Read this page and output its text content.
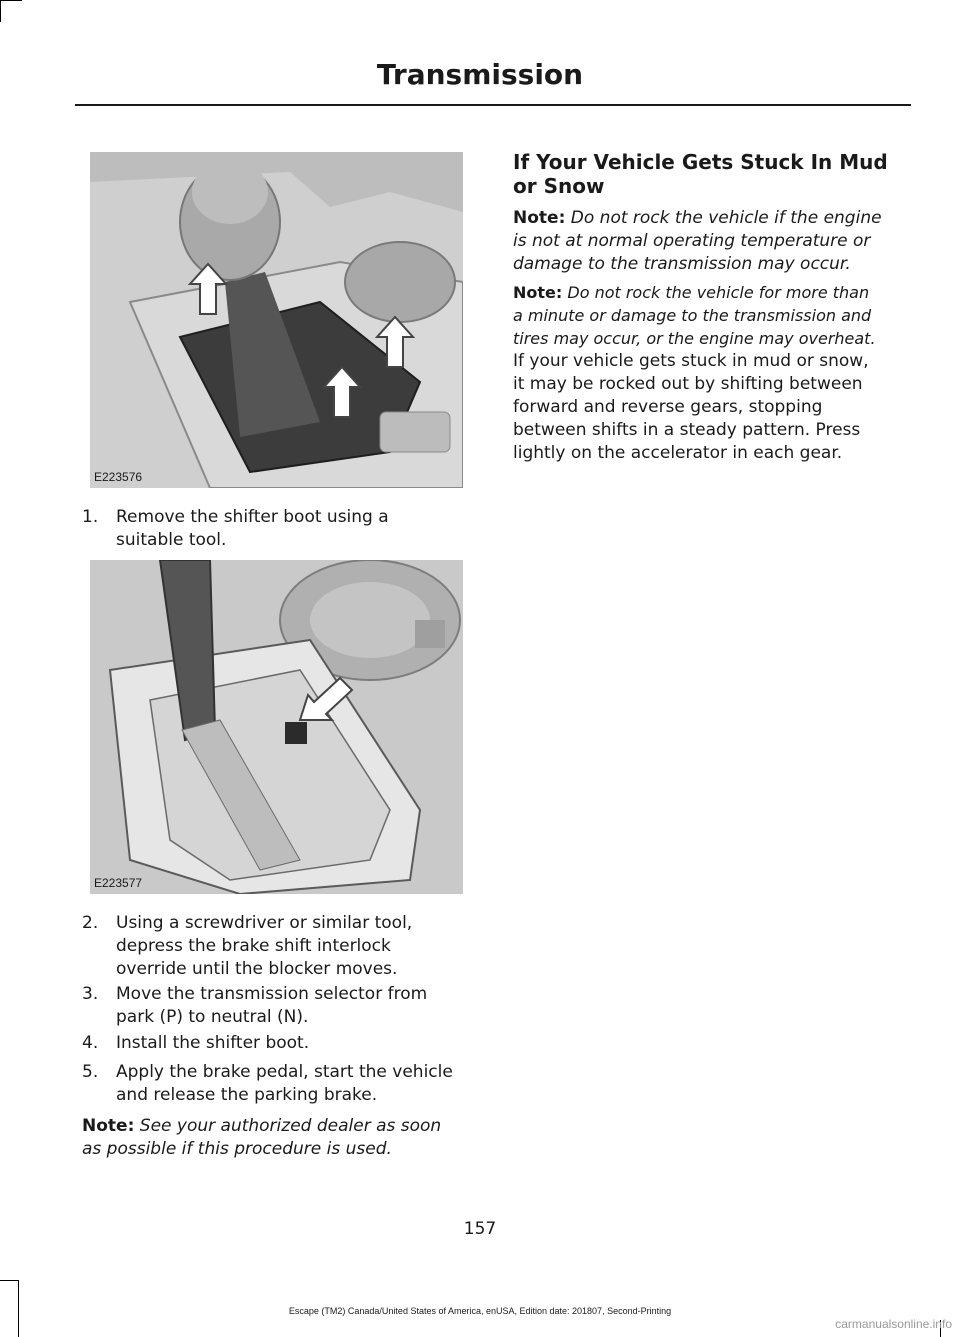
Transmission
E223576
1. Remove the shifter boot using a
suitable tool.
E223577
2. Using a screwdriver or similar tool,
depress the brake shift interlock
override until the blocker moves.
3. Move the transmission selector from
park (P) to neutral (N).
4. Install the shifter boot.
5. Apply the brake pedal, start the vehicle
and release the parking brake.
Note: See your authorized dealer as soon
as possible if this procedure is used.
If Your Vehicle Gets Stuck In Mud
or Snow
Note: Do not rock the vehicle if the engine
is not at normal operating temperature or
damage to the transmission may occur.
Note: Do not rock the vehicle for more than
a minute or damage to the transmission and
tires may occur, or the engine may overheat.
If your vehicle gets stuck in mud or snow,
it may be rocked out by shifting between
forward and reverse gears, stopping
between shifts in a steady pattern. Press
lightly on the accelerator in each gear.
157
Escape (TM2) Canada/United States of America, enUSA, Edition date: 201807, Second-Printing
carmanualsonline.info
